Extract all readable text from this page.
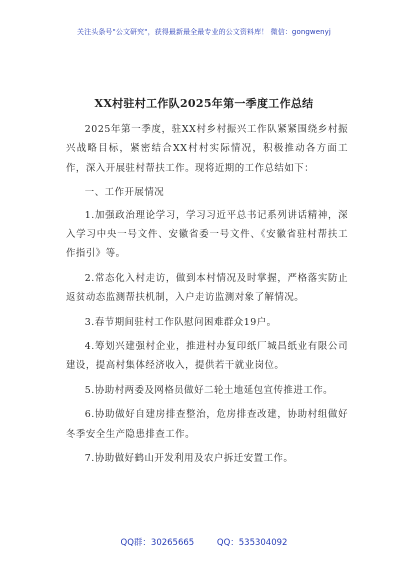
关注头条号"公文研究"，获得最新最全最专业的公文资料库！ 微信：gongwenyj
XX村驻村工作队2025年第一季度工作总结

2025年第一季度，驻XX村乡村振兴工作队紧紧围绕乡村振兴战略目标，紧密结合XX村村实际情况，积极推动各方面工作，深入开展驻村帮扶工作。现将近期的工作总结如下：

一、工作开展情况

1.加强政治理论学习，学习习近平总书记系列讲话精神，深入学习中央一号文件、安徽省委一号文件、《安徽省驻村帮扶工作指引》等。

2.常态化入村走访，做到本村情况及时掌握，严格落实防止返贫动态监测帮扶机制，入户走访监测对象了解情况。

3.春节期间驻村工作队慰问困难群众19户。

4.筹划兴建强村企业，推进村办复印纸厂城昌纸业有限公司建设，提高村集体经济收入，提供若干就业岗位。

5.协助村两委及网格员做好二轮土地延包宣传推进工作。

6.协助做好自建房排查整治，危房排查改建，协助村组做好冬季安全生产隐患排查工作。

7.协助做好鹤山开发利用及农户拆迁安置工作。

QQ群：30265665	QQ：535304092
